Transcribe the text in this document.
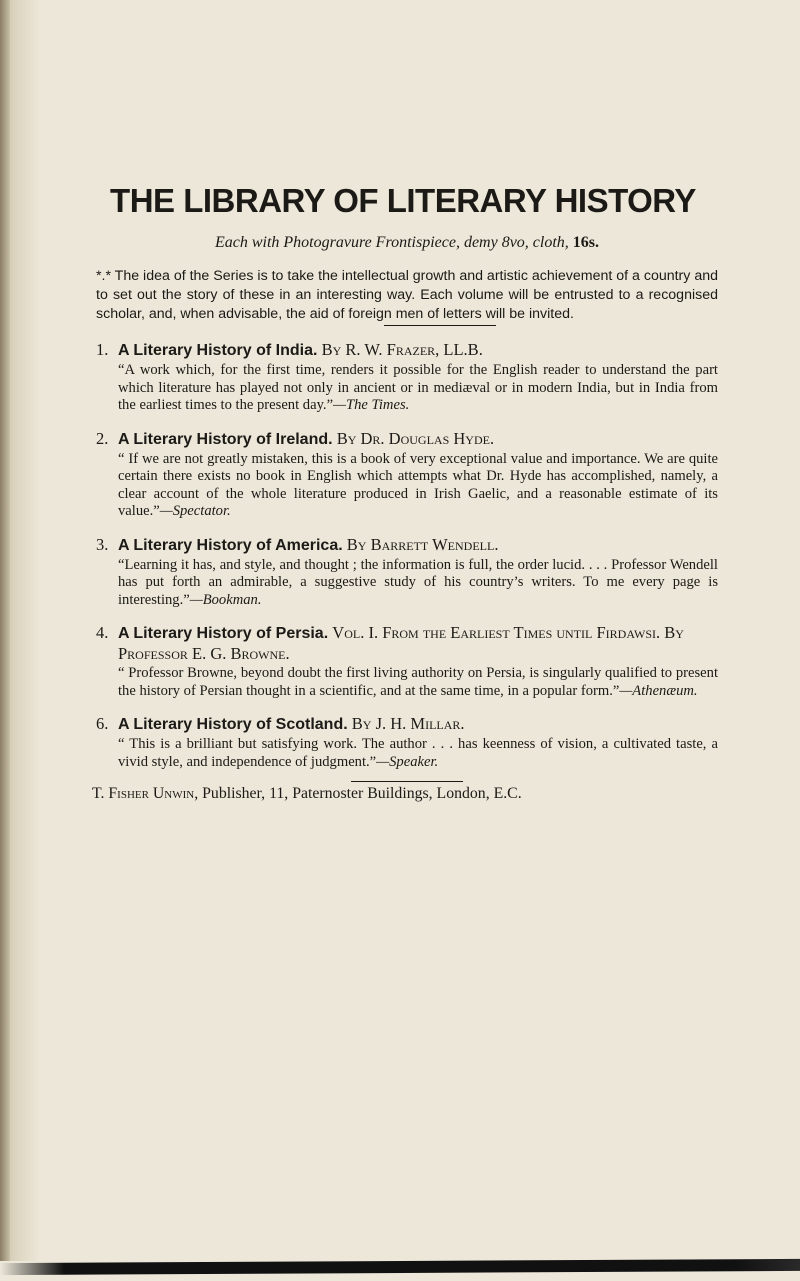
THE LIBRARY OF LITERARY HISTORY

Each with Photogravure Frontispiece, demy 8vo, cloth, 16s.

*.* The idea of the Series is to take the intellectual growth and artistic achievement of a country and to set out the story of these in an interesting way. Each volume will be entrusted to a recognised scholar, and, when advisable, the aid of foreign men of letters will be invited.

1. A Literary History of India. By R. W. Frazer, LL.B.

“A work which, for the first time, renders it possible for the English reader to understand the part which literature has played not only in ancient or in mediæval or in modern India, but in India from the earliest times to the present day.”—The Times.

2. A Literary History of Ireland. By Dr. Douglas Hyde.

“ If we are not greatly mistaken, this is a book of very exceptional value and importance. We are quite certain there exists no book in English which attempts what Dr. Hyde has accomplished, namely, a clear account of the whole literature produced in Irish Gaelic, and a reasonable estimate of its value.”—Spectator.

3. A Literary History of America. By Barrett Wendell.

“Learning it has, and style, and thought ; the information is full, the order lucid. . . . Professor Wendell has put forth an admirable, a suggestive study of his country’s writers. To me every page is interesting.”—Bookman.

4. A Literary History of Persia. Vol. I. From the Earliest Times until Firdawsi. By Professor E. G. Browne.

“ Professor Browne, beyond doubt the first living authority on Persia, is singularly qualified to present the history of Persian thought in a scientific, and at the same time, in a popular form.”—Athenæum.

6. A Literary History of Scotland. By J. H. Millar.

“ This is a brilliant but satisfying work. The author . . . has keenness of vision, a cultivated taste, a vivid style, and independence of judgment.”—Speaker.

T. Fisher Unwin, Publisher, 11, Paternoster Buildings, London, E.C.
